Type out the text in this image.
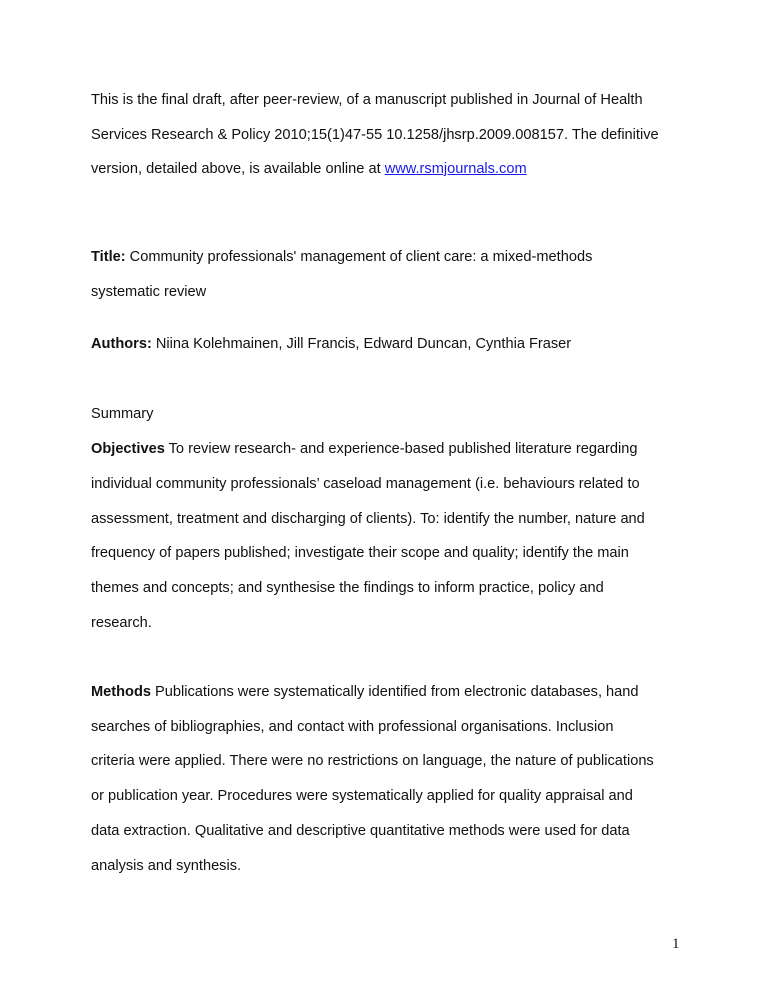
This is the final draft, after peer-review, of a manuscript published in Journal of Health
Services Research & Policy 2010;15(1)47-55 10.1258/jhsrp.2009.008157. The definitive
version, detailed above, is available online at www.rsmjournals.com
Title: Community professionals' management of client care: a mixed-methods
systematic review
Authors: Niina Kolehmainen, Jill Francis, Edward Duncan, Cynthia Fraser
Summary
Objectives To review research- and experience-based published literature regarding
individual community professionals’ caseload management (i.e. behaviours related to
assessment, treatment and discharging of clients). To: identify the number, nature and
frequency of papers published; investigate their scope and quality; identify the main
themes and concepts; and synthesise the findings to inform practice, policy and
research.
Methods Publications were systematically identified from electronic databases, hand
searches of bibliographies, and contact with professional organisations. Inclusion
criteria were applied. There were no restrictions on language, the nature of publications
or publication year. Procedures were systematically applied for quality appraisal and
data extraction. Qualitative and descriptive quantitative methods were used for data
analysis and synthesis.
1
